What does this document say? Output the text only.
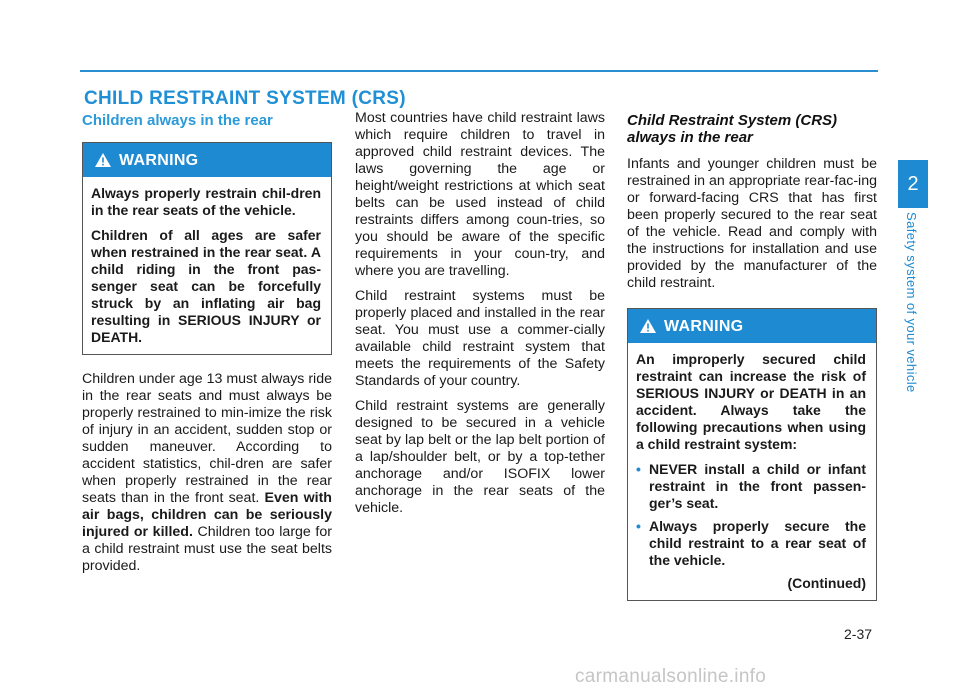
CHILD RESTRAINT SYSTEM (CRS)
Children always in the rear
WARNING

Always properly restrain chil-dren in the rear seats of the vehicle.

Children of all ages are safer when restrained in the rear seat. A child riding in the front pas-senger seat can be forcefully struck by an inflating air bag resulting in SERIOUS INJURY or DEATH.

Children under age 13 must always ride in the rear seats and must always be properly restrained to min-imize the risk of injury in an accident, sudden stop or sudden maneuver. According to accident statistics, chil-dren are safer when properly restrained in the rear seats than in the front seat. Even with air bags, children can be seriously injured or killed. Children too large for a child restraint must use the seat belts provided.

Most countries have child restraint laws which require children to travel in approved child restraint devices. The laws governing the age or height/weight restrictions at which seat belts can be used instead of child restraints differs among coun-tries, so you should be aware of the specific requirements in your coun-try, and where you are travelling.

Child restraint systems must be properly placed and installed in the rear seat. You must use a commer-cially available child restraint system that meets the requirements of the Safety Standards of your country.

Child restraint systems are generally designed to be secured in a vehicle seat by lap belt or the lap belt portion of a lap/shoulder belt, or by a top-tether anchorage and/or ISOFIX lower anchorage in the rear seats of the vehicle.

Child Restraint System (CRS) always in the rear

Infants and younger children must be restrained in an appropriate rear-fac-ing or forward-facing CRS that has first been properly secured to the rear seat of the vehicle. Read and comply with the instructions for installation and use provided by the manufacturer of the child restraint.

WARNING

An improperly secured child restraint can increase the risk of SERIOUS INJURY or DEATH in an accident. Always take the following precautions when using a child restraint system:

• NEVER install a child or infant restraint in the front passen-ger’s seat.
• Always properly secure the child restraint to a rear seat of the vehicle.
(Continued)
2
Safety system of your vehicle
2-37
carmanualsonline.info
